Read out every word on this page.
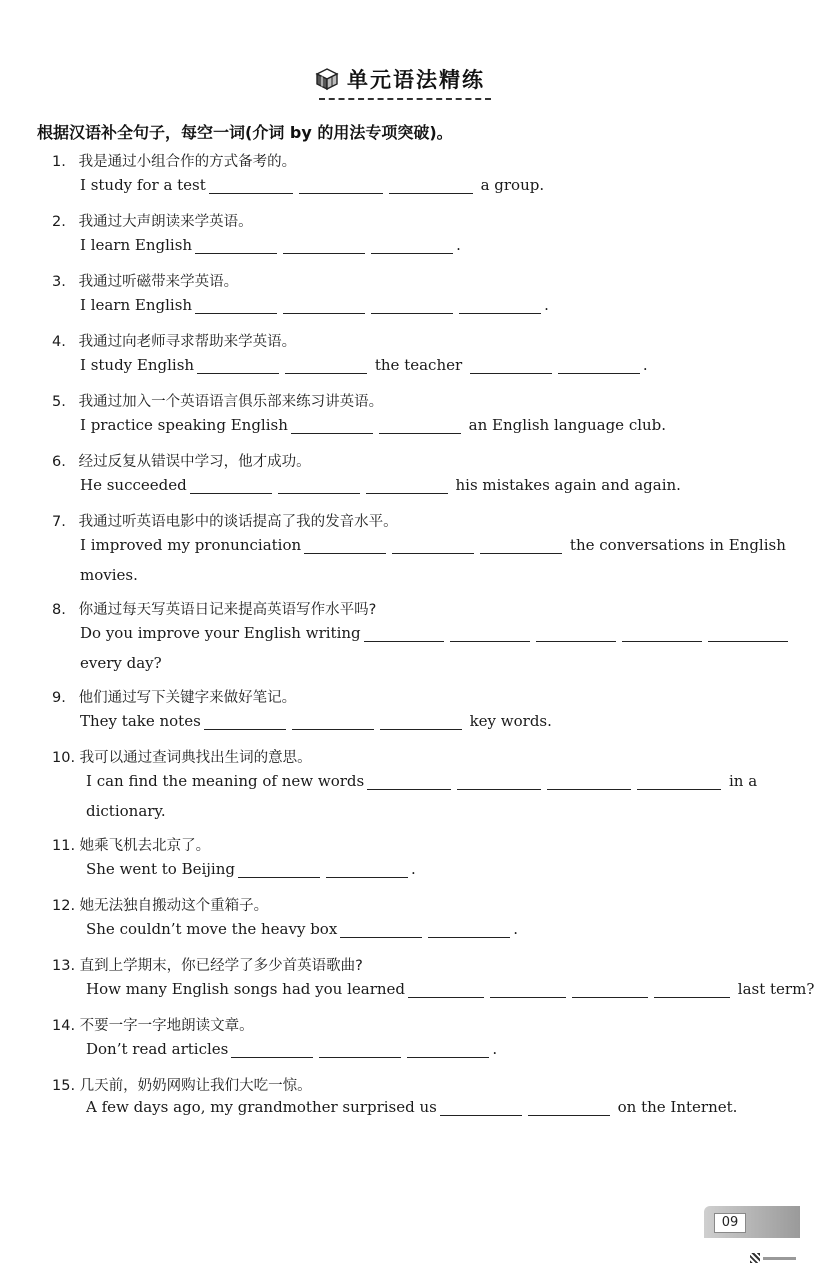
单元语法精练
根据汉语补全句子，每空一词(介词 by 的用法专项突破)。
1. 我是通过小组合作的方式备考的。
I study for a test	a group.
2. 我通过大声朗读来学英语。
I learn English	.
3. 我通过听磁带来学英语。
I learn English	.
4. 我通过向老师寻求帮助来学英语。
I study English	the teacher	.
5. 我通过加入一个英语语言俱乐部来练习讲英语。
I practice speaking English	an English language club.
6. 经过反复从错误中学习，他才成功。
He succeeded	his mistakes again and again.
7. 我通过听英语电影中的谈话提高了我的发音水平。
I improved my pronunciation	the conversations in English
movies.
8. 你通过每天写英语日记来提高英语写作水平吗?
Do you improve your English writing
every day?
9. 他们通过写下关键字来做好笔记。
They take notes	key words.
10. 我可以通过查词典找出生词的意思。
I can find the meaning of new words	in a
dictionary.
11. 她乘飞机去北京了。
She went to Beijing	.
12. 她无法独自搬动这个重箱子。
She couldn’t move the heavy box	.
13. 直到上学期末，你已经学了多少首英语歌曲?
How many English songs had you learned	last term?
14. 不要一字一字地朗读文章。
Don’t read articles	.
15. 几天前，奶奶网购让我们大吃一惊。
A few days ago, my grandmother surprised us	on the Internet.
09
